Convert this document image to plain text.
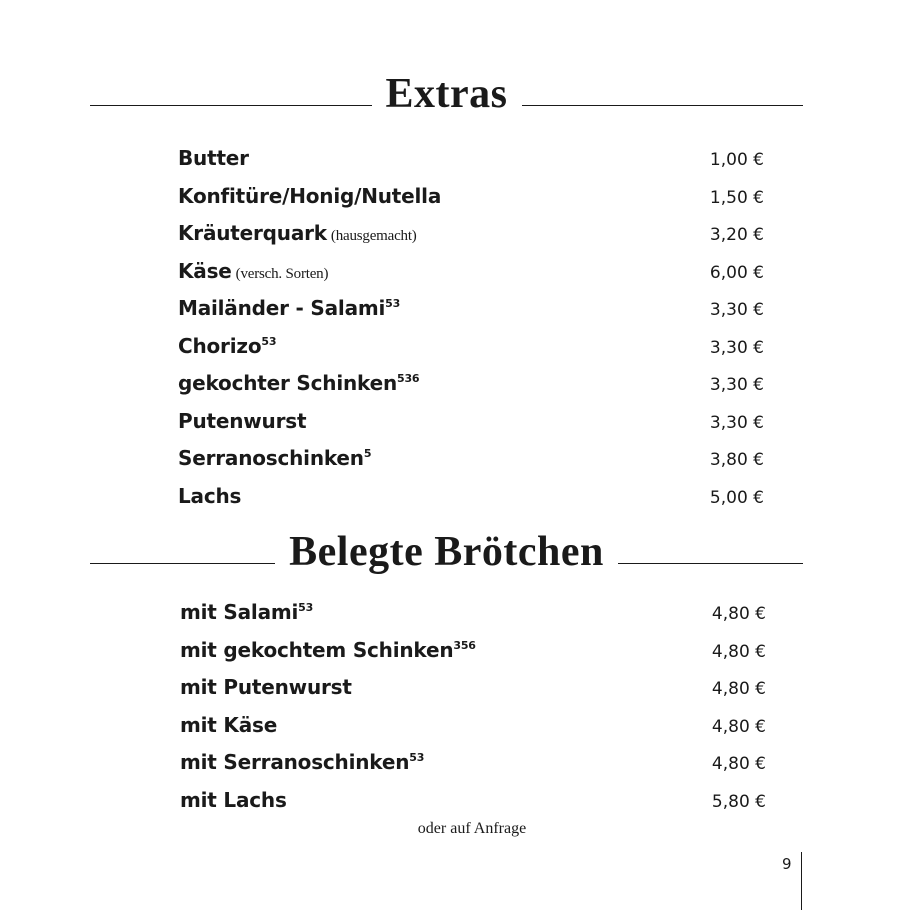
Extras
Butter	1,00 €
Konfitüre/Honig/Nutella	1,50 €
Kräuterquark (hausgemacht)	3,20 €
Käse (versch. Sorten)	6,00 €
Mailänder - Salami$^{53}$	3,30 €
Chorizo$^{53}$	3,30 €
gekochter Schinken$^{536}$	3,30 €
Putenwurst	3,30 €
Serranoschinken$^5$	3,80 €
Lachs	5,00 €
Belegte Brötchen
mit Salami$^{53}$	4,80 €
mit gekochtem Schinken$^{356}$	4,80 €
mit Putenwurst	4,80 €
mit Käse	4,80 €
mit Serranoschinken$^{53}$	4,80 €
mit Lachs	5,80 €
oder auf Anfrage
9
